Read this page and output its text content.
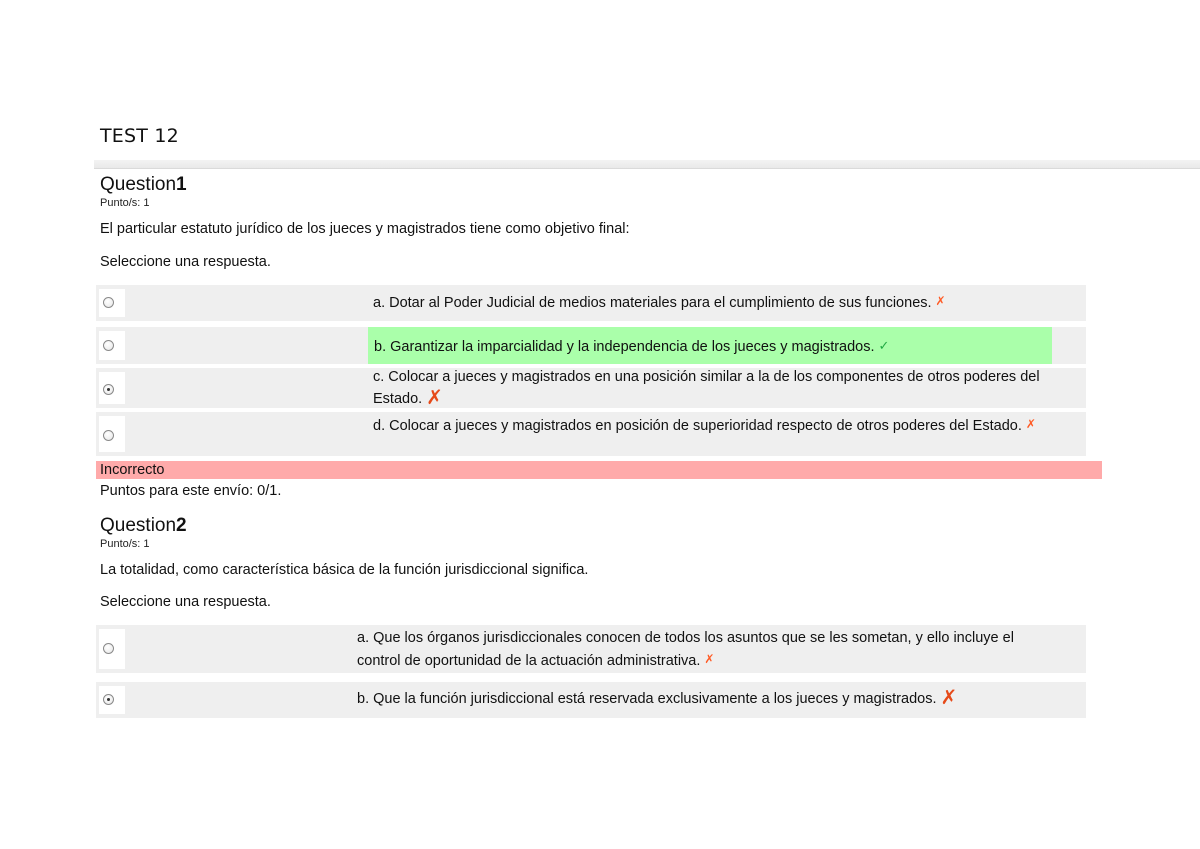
TEST 12
Question1
Punto/s: 1
El particular estatuto jurídico de los jueces y magistrados tiene como objetivo final:
Seleccione una respuesta.
a. Dotar al Poder Judicial de medios materiales para el cumplimiento de sus funciones. ✗
b. Garantizar la imparcialidad y la independencia de los jueces y magistrados. ✓
c. Colocar a jueces y magistrados en una posición similar a la de los componentes de otros poderes del Estado. ✗
d. Colocar a jueces y magistrados en posición de superioridad respecto de otros poderes del Estado. ✗
Incorrecto
Puntos para este envío: 0/1.
Question2
Punto/s: 1
La totalidad, como característica básica de la función jurisdiccional significa.
Seleccione una respuesta.
a. Que los órganos jurisdiccionales conocen de todos los asuntos que se les sometan, y ello incluye el control de oportunidad de la actuación administrativa. ✗
b. Que la función jurisdiccional está reservada exclusivamente a los jueces y magistrados. ✗
